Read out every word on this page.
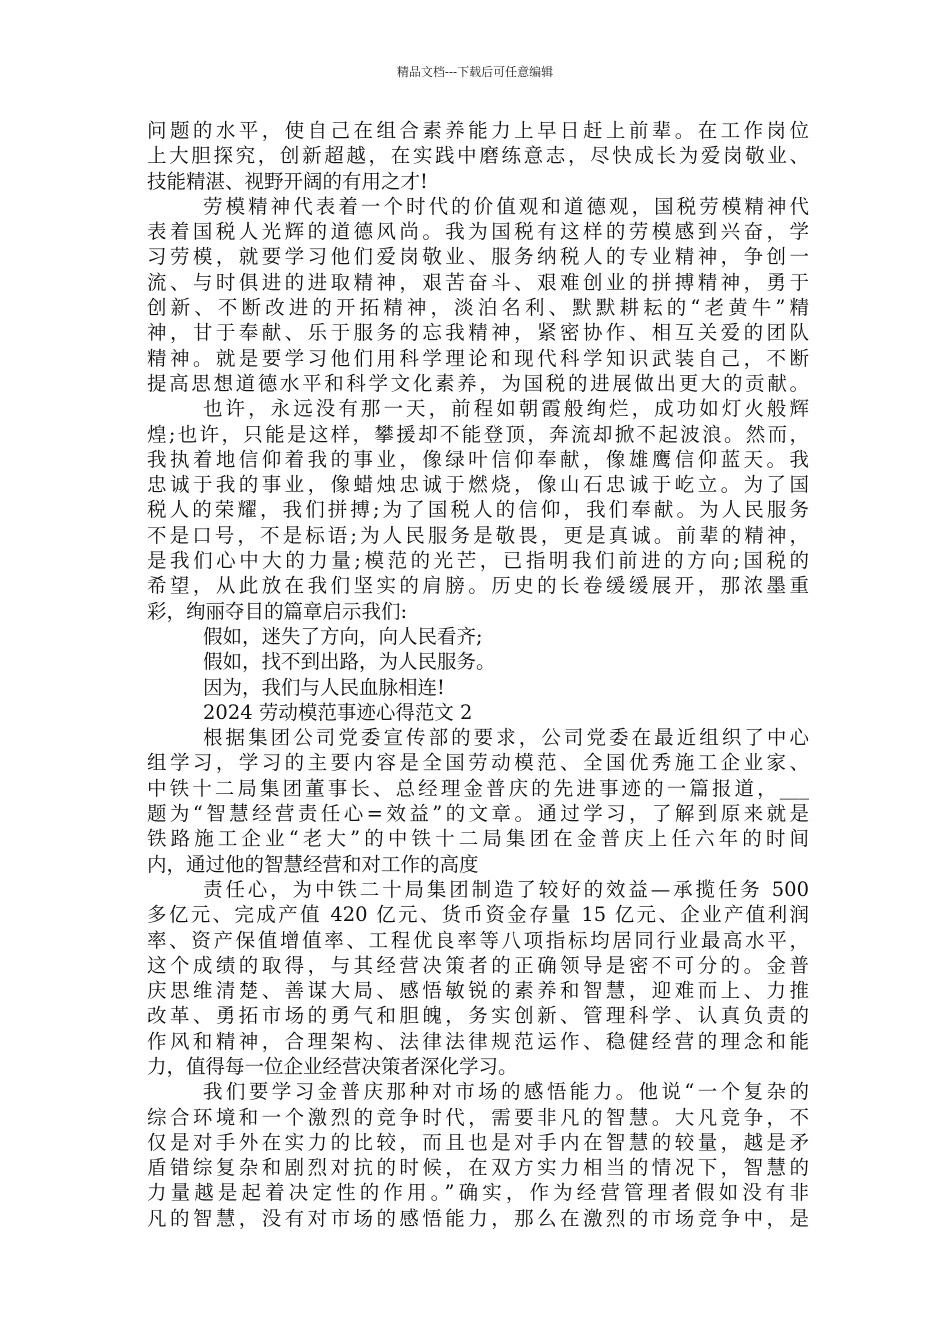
精品文档---下载后可任意编辑
问题的水平，使自己在组合素养能力上早日赶上前辈。在工作岗位
上大胆探究，创新超越，在实践中磨练意志，尽快成长为爱岗敬业、
技能精湛、视野开阔的有用之才!
劳模精神代表着一个时代的价值观和道德观，国税劳模精神代
表着国税人光辉的道德风尚。我为国税有这样的劳模感到兴奋，学
习劳模，就要学习他们爱岗敬业、服务纳税人的专业精神，争创一
流、与时俱进的进取精神，艰苦奋斗、艰难创业的拼搏精神，勇于
创新、不断改进的开拓精神，淡泊名利、默默耕耘的“老黄牛”精
神，甘于奉献、乐于服务的忘我精神，紧密协作、相互关爱的团队
精神。就是要学习他们用科学理论和现代科学知识武装自己，不断
提高思想道德水平和科学文化素养，为国税的进展做出更大的贡献。
也许，永远没有那一天，前程如朝霞般绚烂，成功如灯火般辉
煌;也许，只能是这样，攀援却不能登顶，奔流却掀不起波浪。然而，
我执着地信仰着我的事业，像绿叶信仰奉献，像雄鹰信仰蓝天。我
忠诚于我的事业，像蜡烛忠诚于燃烧，像山石忠诚于屹立。为了国
税人的荣耀，我们拼搏;为了国税人的信仰，我们奉献。为人民服务
不是口号，不是标语;为人民服务是敬畏，更是真诚。前辈的精神，
是我们心中大的力量;模范的光芒，已指明我们前进的方向;国税的
希望，从此放在我们坚实的肩膀。历史的长卷缓缓展开，那浓墨重
彩，绚丽夺目的篇章启示我们:
假如，迷失了方向，向人民看齐;
假如，找不到出路，为人民服务。
因为，我们与人民血脉相连!
2024 劳动模范事迹心得范文 2
根据集团公司党委宣传部的要求，公司党委在最近组织了中心
组学习，学习的主要内容是全国劳动模范、全国优秀施工企业家、
中铁十二局集团董事长、总经理金普庆的先进事迹的一篇报道，___
题为“智慧经营责任心=效益”的文章。通过学习，了解到原来就是
铁路施工企业“老大”的中铁十二局集团在金普庆上任六年的时间
内，通过他的智慧经营和对工作的高度
责任心，为中铁二十局集团制造了较好的效益—承揽任务 500
多亿元、完成产值 420 亿元、货币资金存量 15 亿元、企业产值利润
率、资产保值增值率、工程优良率等八项指标均居同行业最高水平，
这个成绩的取得，与其经营决策者的正确领导是密不可分的。金普
庆思维清楚、善谋大局、感悟敏锐的素养和智慧，迎难而上、力推
改革、勇拓市场的勇气和胆魄，务实创新、管理科学、认真负责的
作风和精神，合理架构、法律法律规范运作、稳健经营的理念和能
力，值得每一位企业经营决策者深化学习。
我们要学习金普庆那种对市场的感悟能力。他说“一个复杂的
综合环境和一个激烈的竞争时代，需要非凡的智慧。大凡竞争，不
仅是对手外在实力的比较，而且也是对手内在智慧的较量，越是矛
盾错综复杂和剧烈对抗的时候，在双方实力相当的情况下，智慧的
力量越是起着决定性的作用。”确实，作为经营管理者假如没有非
凡的智慧，没有对市场的感悟能力，那么在激烈的市场竞争中，是
